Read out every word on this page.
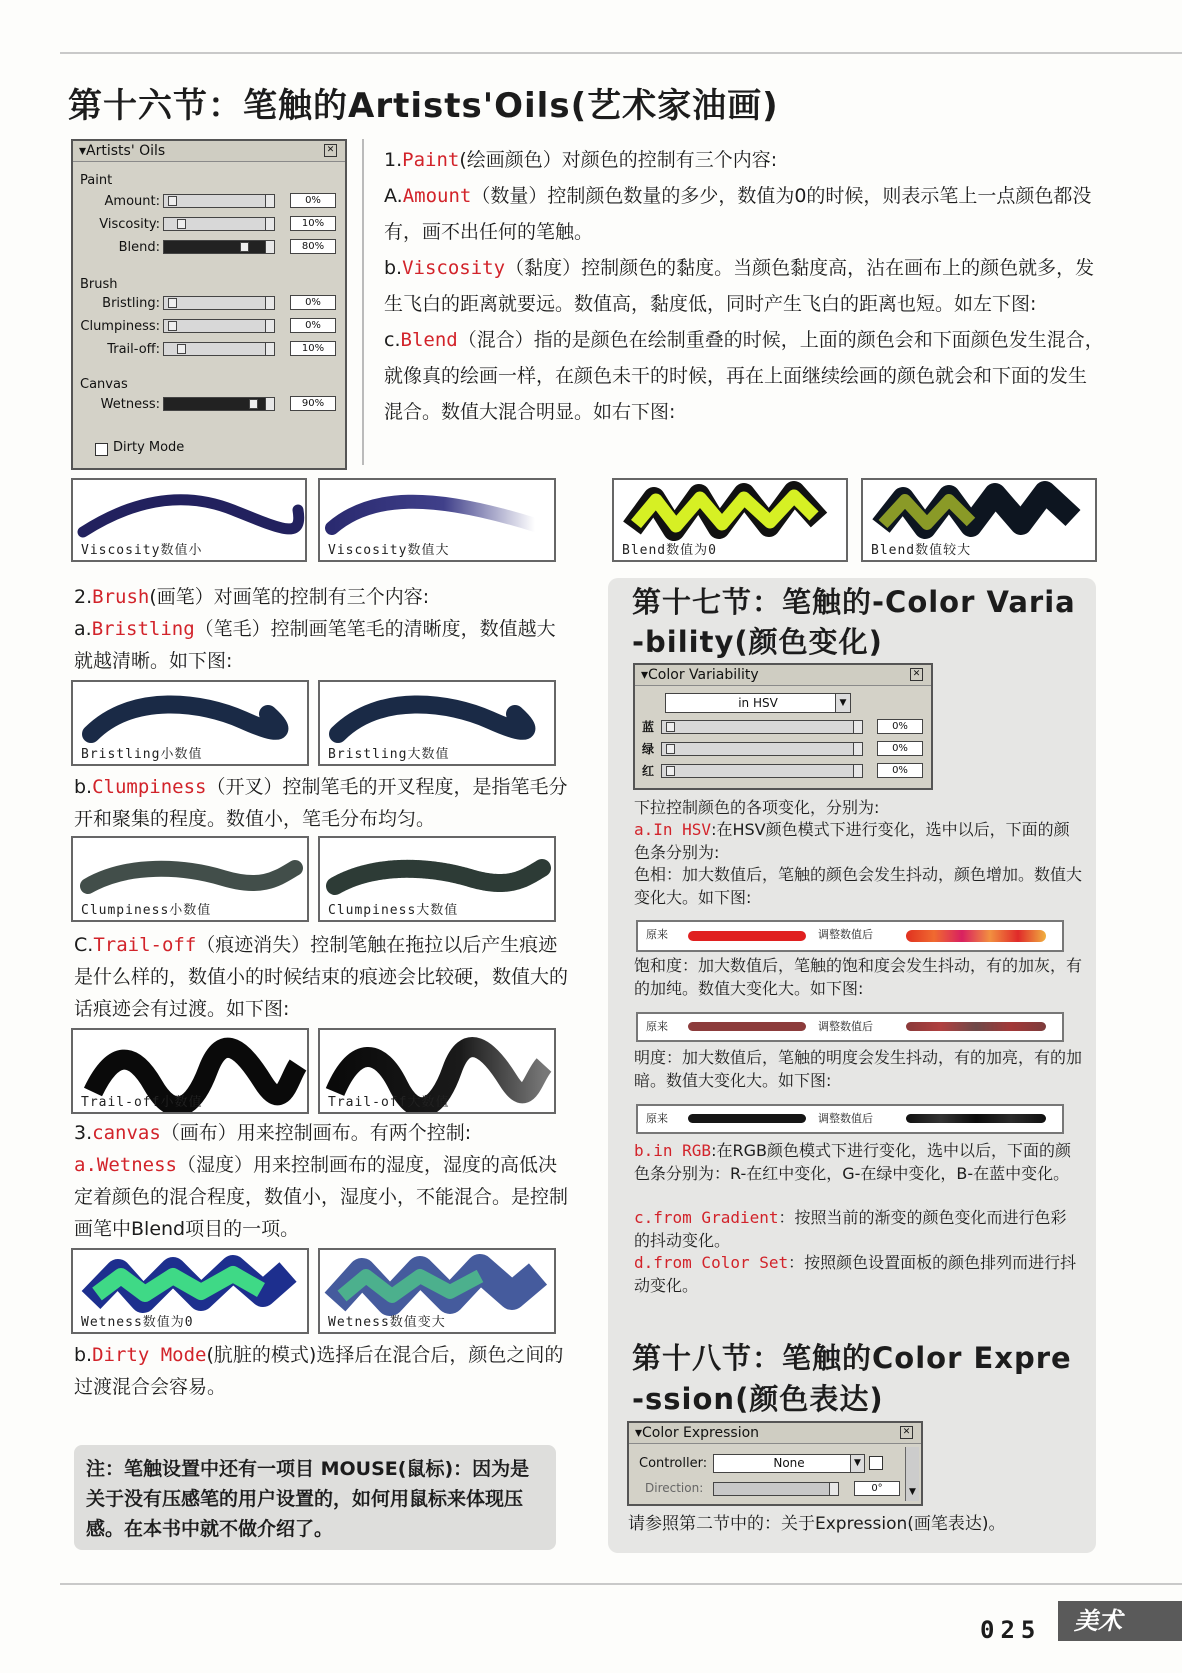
第十六节：笔触的Artists'Oils(艺术家油画)
▾Artists' Oils	✕
Paint
Amount:	0%
Viscosity:	10%
Blend:	80%
Brush
Bristling:	0%
Clumpiness:	0%
Trail-off:	10%
Canvas
Wetness:	90%
Dirty Mode
1.Paint(绘画颜色）对颜色的控制有三个内容:
A.Amount（数量）控制颜色数量的多少，数值为0的时候，则表示笔上一点颜色都没有，画不出任何的笔触。
b.Viscosity（黏度）控制颜色的黏度。当颜色黏度高，沾在画布上的颜色就多，发生飞白的距离就要远。数值高，黏度低，同时产生飞白的距离也短。如左下图:
c.Blend（混合）指的是颜色在绘制重叠的时候，上面的颜色会和下面颜色发生混合，就像真的绘画一样，在颜色未干的时候，再在上面继续绘画的颜色就会和下面的发生混合。数值大混合明显。如右下图:
Viscosity数值小	Viscosity数值大	Blend数值为0	Blend数值较大
2.Brush(画笔）对画笔的控制有三个内容:
a.Bristling（笔毛）控制画笔笔毛的清晰度，数值越大就越清晰。如下图:
Bristling小数值	Bristling大数值
b.Clumpiness（开叉）控制笔毛的开叉程度，是指笔毛分开和聚集的程度。数值小，笔毛分布均匀。
Clumpiness小数值	Clumpiness大数值
C.Trail-off（痕迹消失）控制笔触在拖拉以后产生痕迹是什么样的，数值小的时候结束的痕迹会比较硬，数值大的话痕迹会有过渡。如下图:
Trail-off小数值	Trail-off大数值
3.canvas（画布）用来控制画布。有两个控制:
a.Wetness（湿度）用来控制画布的湿度，湿度的高低决定着颜色的混合程度，数值小，湿度小，不能混合。是控制画笔中Blend项目的一项。
Wetness数值为0	Wetness数值变大
b.Dirty Mode(肮脏的模式)选择后在混合后，颜色之间的过渡混合会容易。
注：笔触设置中还有一项目 MOUSE(鼠标)：因为是关于没有压感笔的用户设置的，如何用鼠标来体现压感。在本书中就不做介绍了。
第十七节：笔触的-Color Varia
-bility(颜色变化)
▾Color Variability	✕
in HSV	▼
蓝	0%
绿	0%
红	0%
下拉控制颜色的各项变化，分别为:
a.In HSV:在HSV颜色模式下进行变化，选中以后，下面的颜色条分别为:
色相：加大数值后，笔触的颜色会发生抖动，颜色增加。数值大变化大。如下图:
原来	调整数值后
饱和度：加大数值后，笔触的饱和度会发生抖动，有的加灰，有的加纯。数值大变化大。如下图:
原来	调整数值后
明度：加大数值后，笔触的明度会发生抖动，有的加亮，有的加暗。数值大变化大。如下图:
原来	调整数值后
b.in RGB:在RGB颜色模式下进行变化，选中以后，下面的颜色条分别为：R-在红中变化，G-在绿中变化，B-在蓝中变化。
c.from Gradient：按照当前的渐变的颜色变化而进行色彩的抖动变化。
d.from Color Set：按照颜色设置面板的颜色排列而进行抖动变化。
第十八节：笔触的Color Expre
-ssion(颜色表达)
▾Color Expression	✕
Controller:	None	▼
Direction:	0°	▼
请参照第二节中的：关于Expression(画笔表达)。
025	美术
